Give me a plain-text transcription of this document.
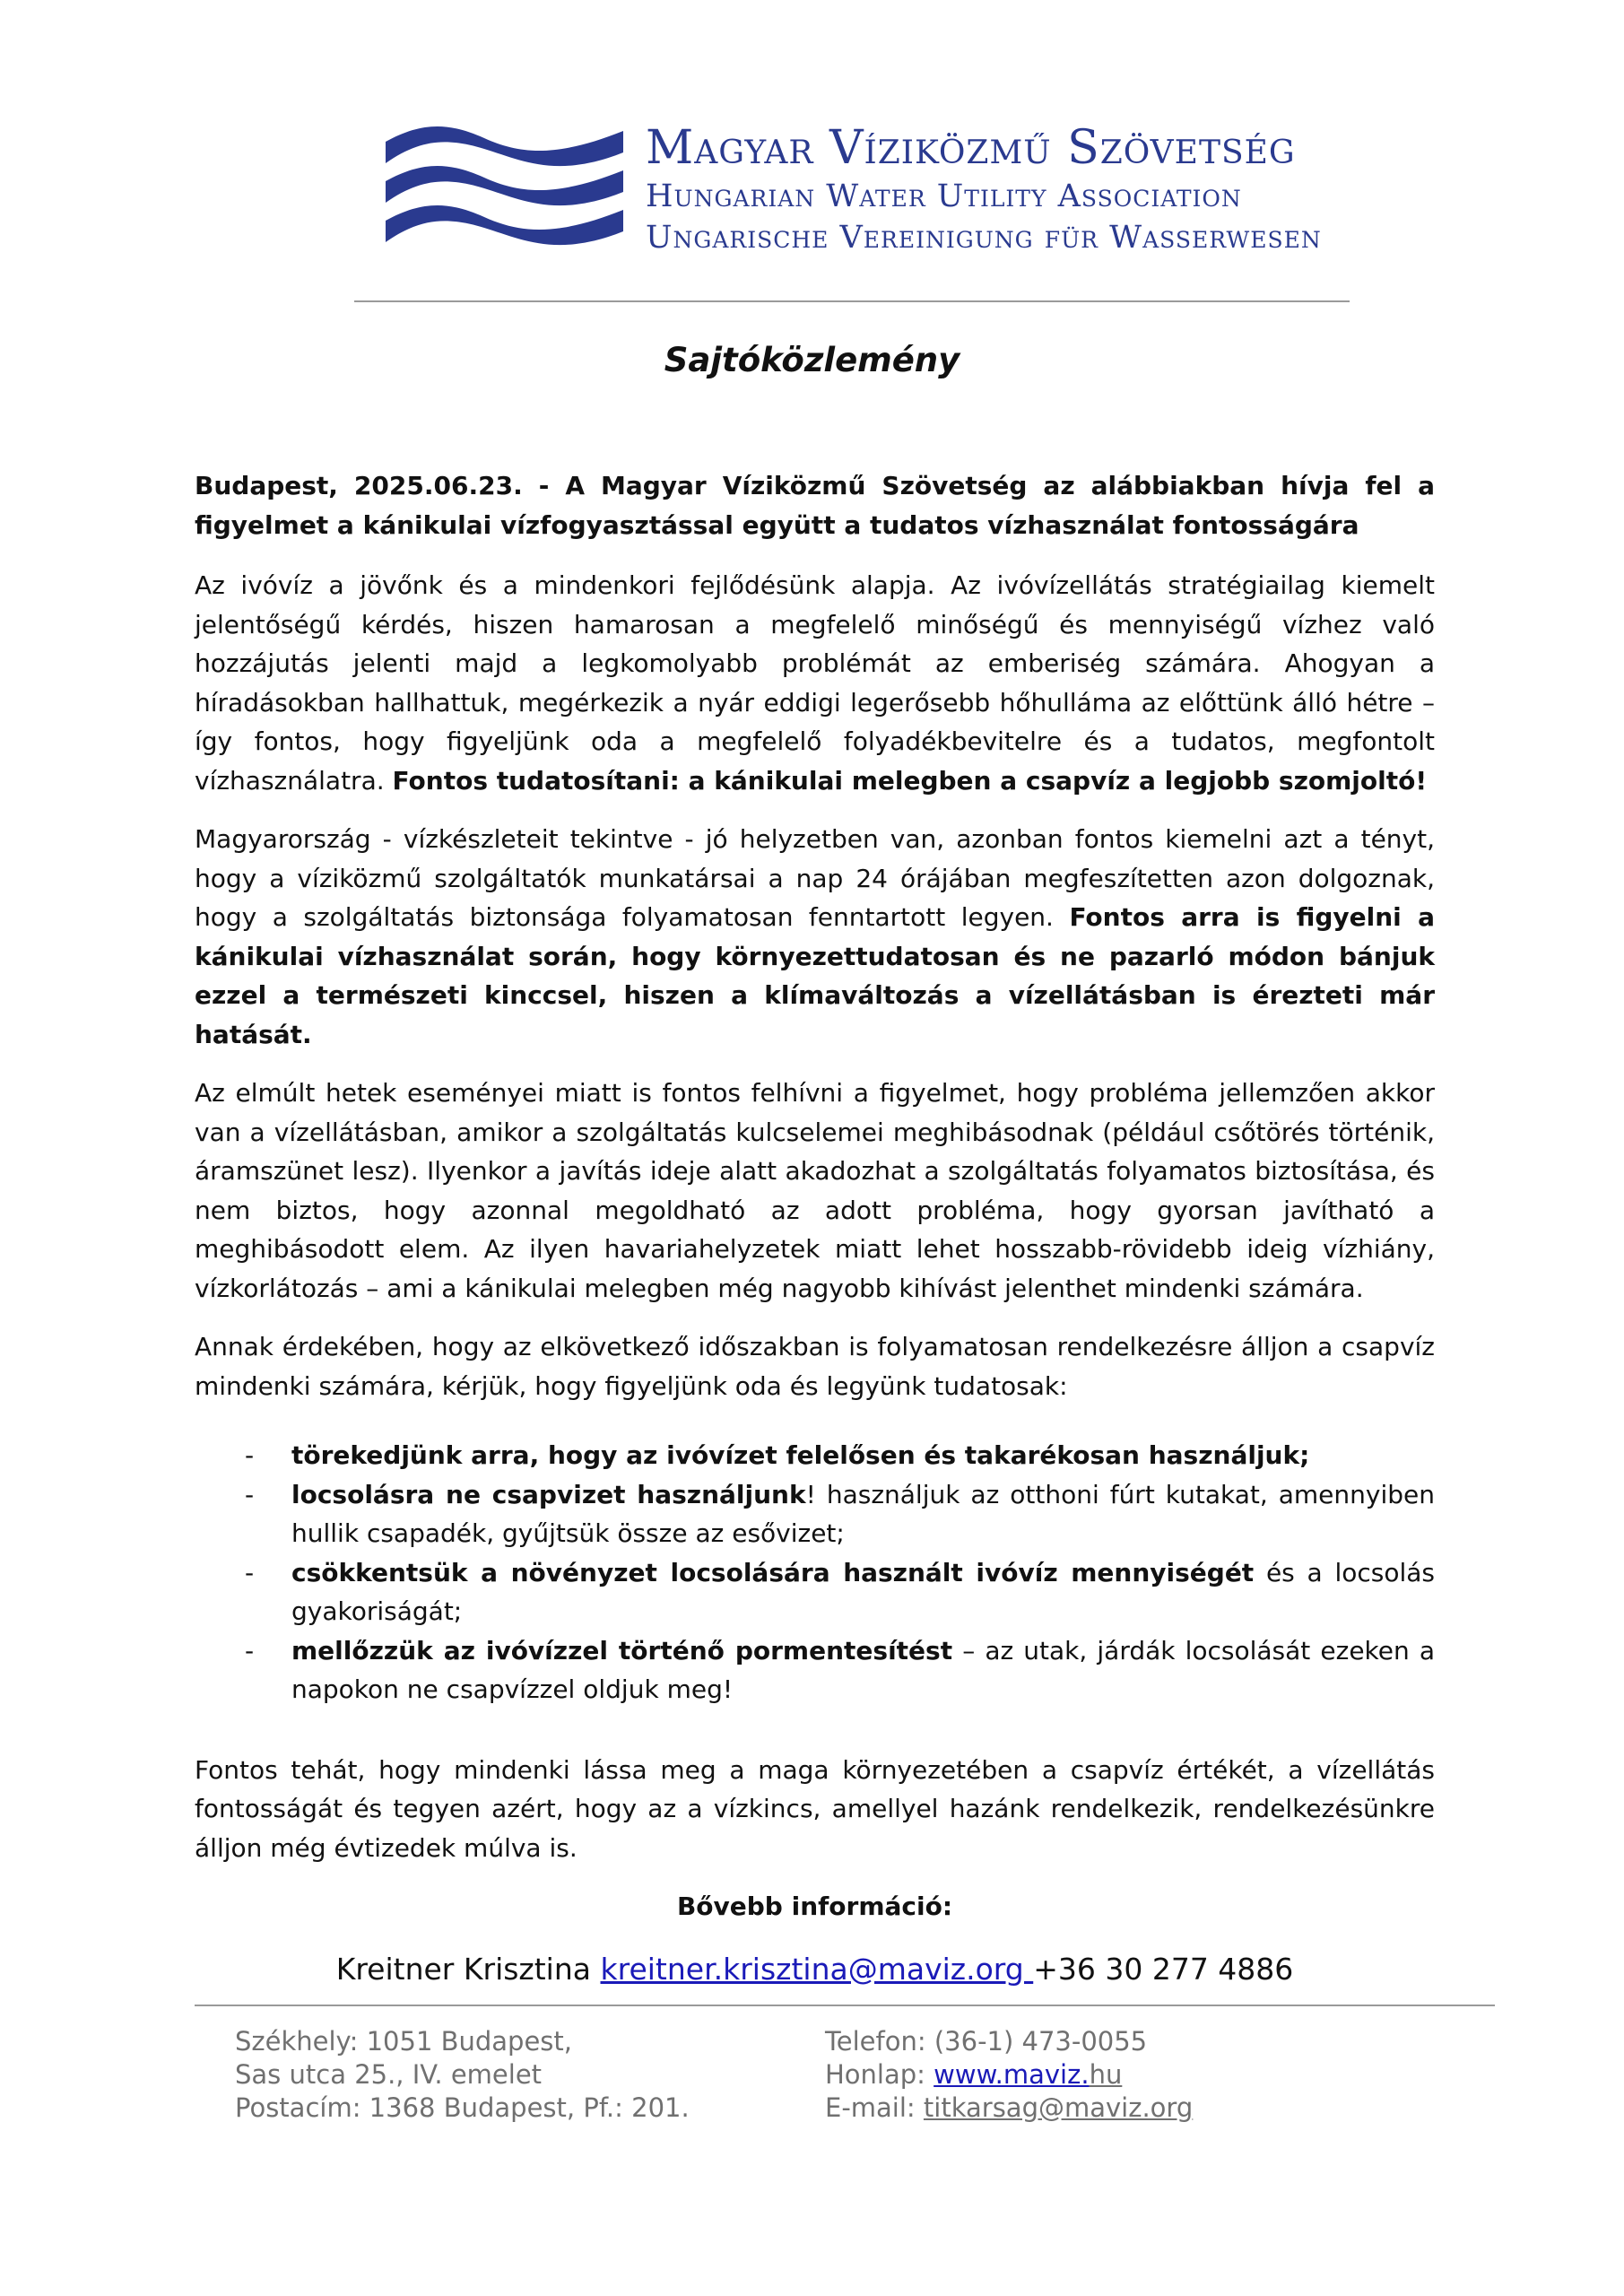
Magyar Víziközmű Szövetség
Hungarian Water Utility Association
Ungarische Vereinigung für Wasserwesen
Sajtóközlemény

Budapest, 2025.06.23. - A Magyar Víziközmű Szövetség az alábbiakban hívja fel a figyelmet a kánikulai vízfogyasztással együtt a tudatos vízhasználat fontosságára

Az ivóvíz a jövőnk és a mindenkori fejlődésünk alapja. Az ivóvízellátás stratégiailag kiemelt jelentőségű kérdés, hiszen hamarosan a megfelelő minőségű és mennyiségű vízhez való hozzájutás jelenti majd a legkomolyabb problémát az emberiség számára. Ahogyan a híradásokban hallhattuk, megérkezik a nyár eddigi legerősebb hőhulláma az előttünk álló hétre – így fontos, hogy figyeljünk oda a megfelelő folyadékbevitelre és a tudatos, megfontolt vízhasználatra. Fontos tudatosítani: a kánikulai melegben a csapvíz a legjobb szomjoltó!

Magyarország - vízkészleteit tekintve - jó helyzetben van, azonban fontos kiemelni azt a tényt, hogy a víziközmű szolgáltatók munkatársai a nap 24 órájában megfeszítetten azon dolgoznak, hogy a szolgáltatás biztonsága folyamatosan fenntartott legyen. Fontos arra is figyelni a kánikulai vízhasználat során, hogy környezettudatosan és ne pazarló módon bánjuk ezzel a természeti kinccsel, hiszen a klímaváltozás a vízellátásban is érezteti már hatását.

Az elmúlt hetek eseményei miatt is fontos felhívni a figyelmet, hogy probléma jellemzően akkor van a vízellátásban, amikor a szolgáltatás kulcselemei meghibásodnak (például csőtörés történik, áramszünet lesz). Ilyenkor a javítás ideje alatt akadozhat a szolgáltatás folyamatos biztosítása, és nem biztos, hogy azonnal megoldható az adott probléma, hogy gyorsan javítható a meghibásodott elem. Az ilyen havariahelyzetek miatt lehet hosszabb-rövidebb ideig vízhiány, vízkorlátozás – ami a kánikulai melegben még nagyobb kihívást jelenthet mindenki számára.

Annak érdekében, hogy az elkövetkező időszakban is folyamatosan rendelkezésre álljon a csapvíz mindenki számára, kérjük, hogy figyeljünk oda és legyünk tudatosak:

- törekedjünk arra, hogy az ivóvízet felelősen és takarékosan használjuk;
- locsolásra ne csapvizet használjunk! használjuk az otthoni fúrt kutakat, amennyiben hullik csapadék, gyűjtsük össze az esővizet;
- csökkentsük a növényzet locsolására használt ivóvíz mennyiségét és a locsolás gyakoriságát;
- mellőzzük az ivóvízzel történő pormentesítést – az utak, járdák locsolását ezeken a napokon ne csapvízzel oldjuk meg!

Fontos tehát, hogy mindenki lássa meg a maga környezetében a csapvíz értékét, a vízellátás fontosságát és tegyen azért, hogy az a vízkincs, amellyel hazánk rendelkezik, rendelkezésünkre álljon még évtizedek múlva is.

Bővebb információ:
Kreitner Krisztina kreitner.krisztina@maviz.org +36 30 277 4886
Székhely: 1051 Budapest,
Sas utca 25., IV. emelet
Postacím: 1368 Budapest, Pf.: 201.
Telefon: (36-1) 473-0055
Honlap: www.maviz.hu
E-mail: titkarsag@maviz.org
